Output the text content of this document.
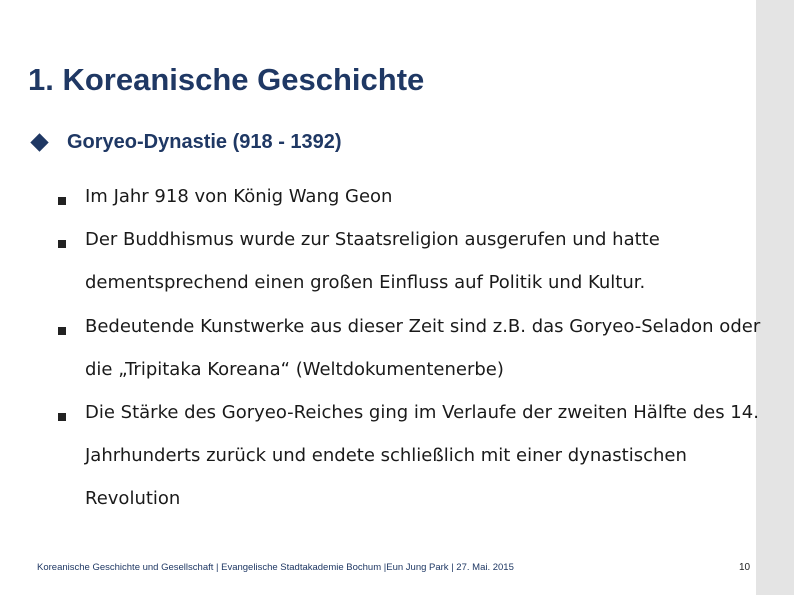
1. Koreanische Geschichte
Goryeo-Dynastie (918 - 1392)
Im Jahr 918 von König Wang Geon
Der Buddhismus wurde zur Staatsreligion ausgerufen und hatte dementsprechend einen großen Einfluss auf Politik und Kultur.
Bedeutende Kunstwerke aus dieser Zeit sind z.B. das Goryeo-Seladon oder die „Tripitaka Koreana“ (Weltdokumentenerbe)
Die Stärke des Goryeo-Reiches ging im Verlaufe der zweiten Hälfte des 14. Jahrhunderts zurück und endete schließlich mit einer dynastischen Revolution
Koreanische Geschichte und Gesellschaft | Evangelische Stadtakademie Bochum |Eun Jung Park | 27. Mai. 2015	10
